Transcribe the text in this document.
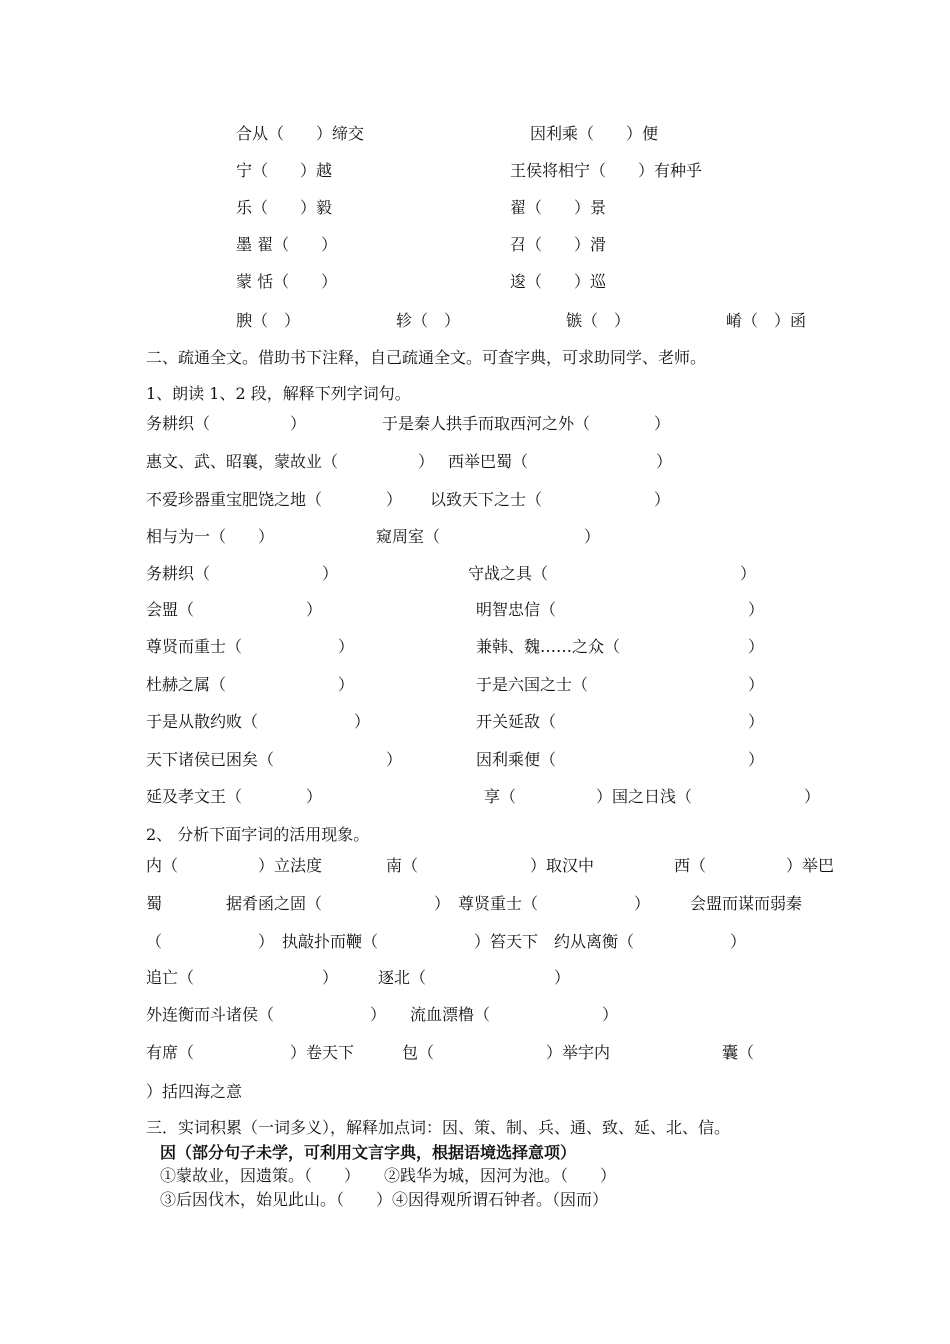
合从（　　）缔交	因利乘（　　）便
宁（　　）越	王侯将相宁（　　）有种乎
乐（　　）毅	翟（　　）景
墨 翟（　　）	召（　　）滑
蒙 恬（　　）	逡（　　）巡
腴（　）	轸（　）	镞（　）	崤（　）函
二、疏通全文。借助书下注释，自己疏通全文。可查字典，可求助同学、老师。
1、朗读 1、2 段，解释下列字词句。
务耕织（　　　　　）	于是秦人拱手而取西河之外（　　　　）
惠文、武、昭襄，蒙故业（　　　　　） 西举巴蜀（　　　　　　　　）
不爱珍器重宝肥饶之地（　　　　） 以致天下之士（　　　　　　　）
相与为一（　　）	窥周室（　　　　　　　　　）
务耕织（　　　　　　　）	守战之具（　　　　　　　　　　　　）
会盟（　　　　　　　）	明智忠信（　　　　　　　　　　　　）
尊贤而重士（　　　　　　）	兼韩、魏……之众（　　　　　　　　）
杜赫之属（　　　　　　　）	于是六国之士（　　　　　　　　　　）
于是从散约败（　　　　　　）	开关延敌（　　　　　　　　　　　　）
天下诸侯已困矣（　　　　　　　）	因利乘便（　　　　　　　　　　　　）
延及孝文王（　　　　）	享（　　　　　）国之日浅（　　　　　　　）
2、 分析下面字词的活用现象。
内（　　　　　）立法度　　　　南（　　　　　　　）取汉中　　　　　西（　　　　　）举巴
蜀　　　　据肴函之固（　　　　　　　）　尊贤重士（　　　　　　）　　　会盟而谋而弱秦
（　　　　　　）　执敲扑而鞭（　　　　　　）笞天下　约从离衡（　　　　　　）
追亡（　　　　　　　　）　　　逐北（　　　　　　　　）
外连衡而斗诸侯（　　　　　　）　　流血漂橹（　　　　　　　）
有席（　　　　　　）卷天下　　　包（　　　　　　　）举宇内　　　　　　　囊（
）括四海之意
三．实词积累（一词多义），解释加点词：因、策、制、兵、通、致、延、北、信。
因（部分句子未学，可利用文言字典，根据语境选择意项）
①蒙故业，因遗策。（　　）　　②践华为城，因河为池。（　　）
③后因伐木，始见此山。（　　）④因得观所谓石钟者。（因而）
